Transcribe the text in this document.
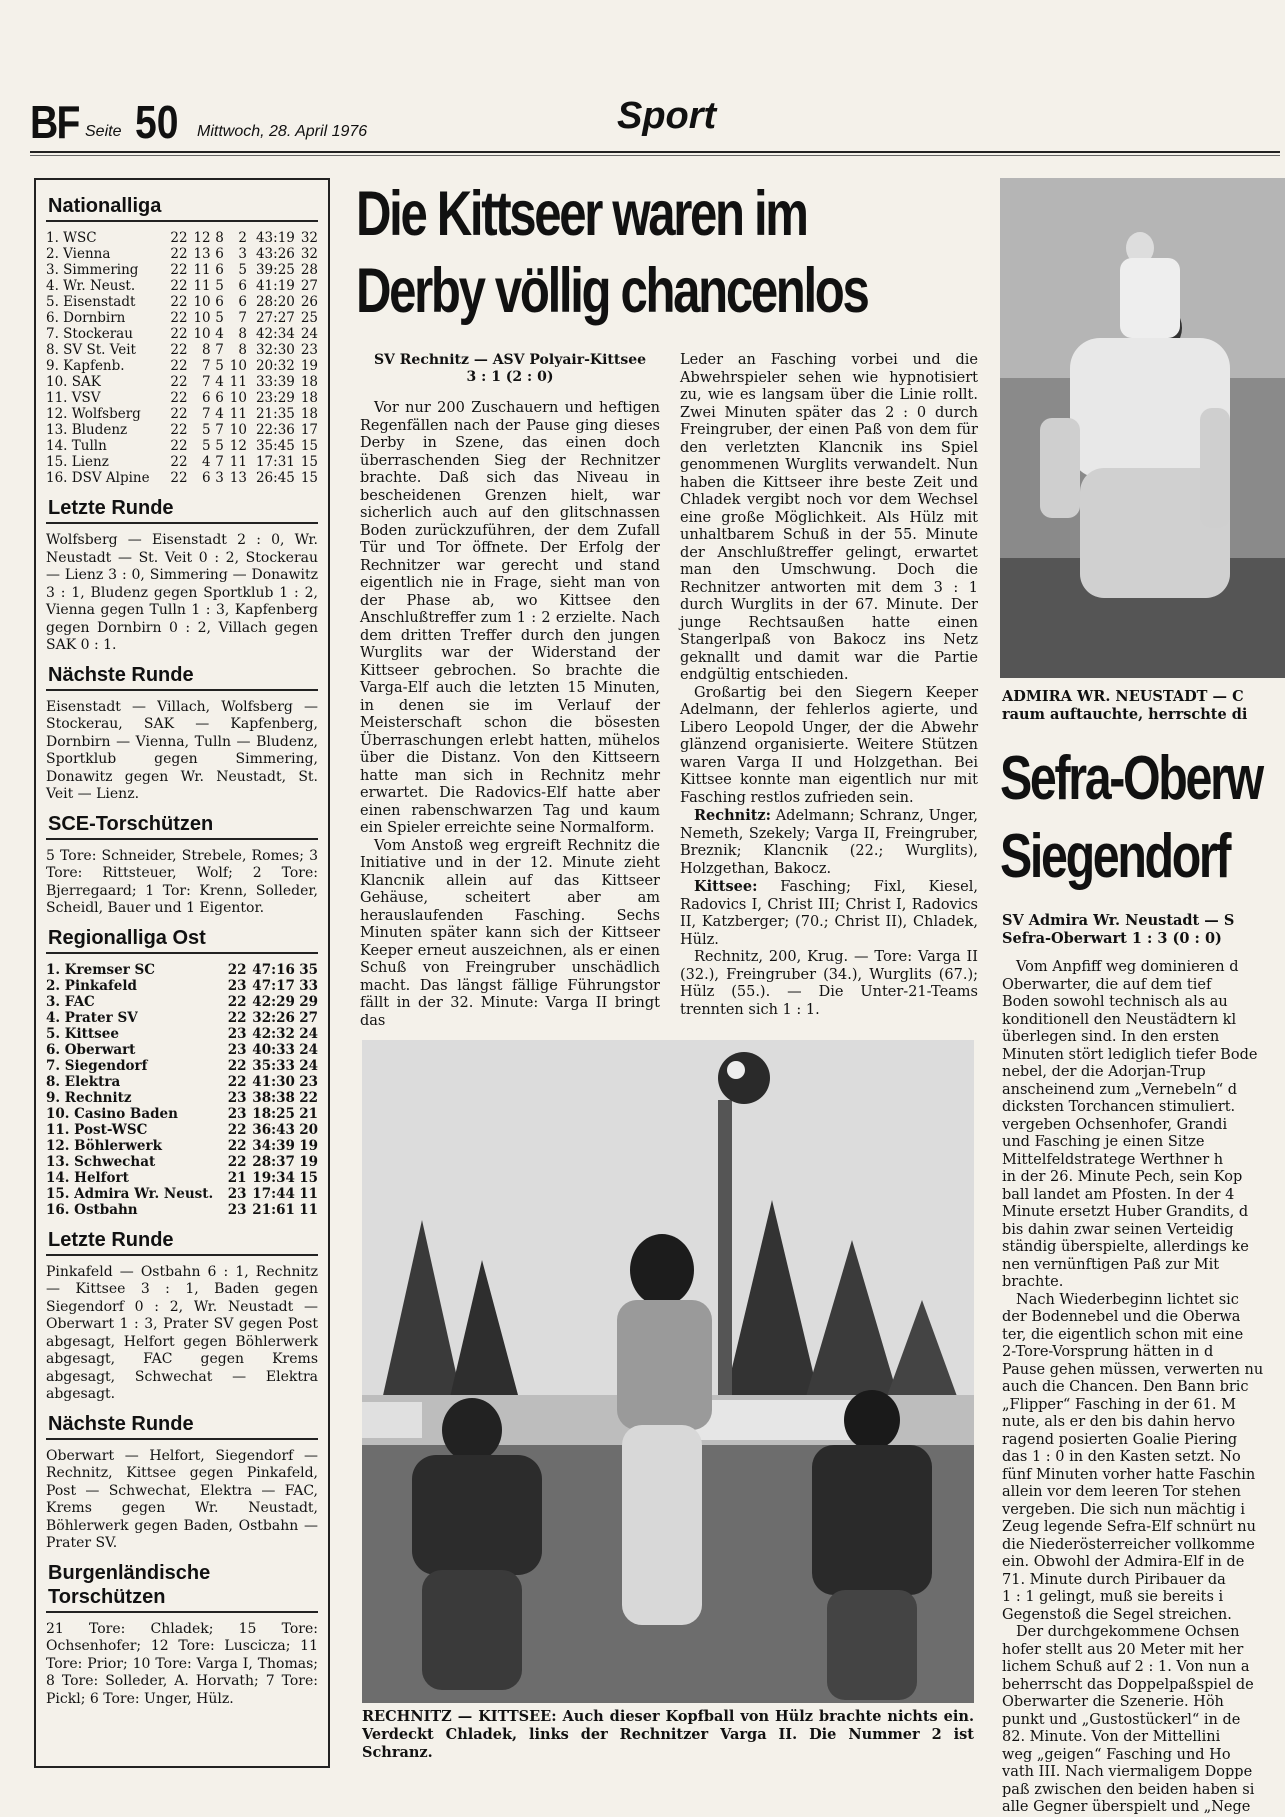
BF Seite 50 Mittwoch, 28. April 1976	Sport
Nationalliga
1. WSC	22	12	8	2	43:19	32
2. Vienna	22	13	6	3	43:26	32
3. Simmering	22	11	6	5	39:25	28
4. Wr. Neust.	22	11	5	6	41:19	27
5. Eisenstadt	22	10	6	6	28:20	26
6. Dornbirn	22	10	5	7	27:27	25
7. Stockerau	22	10	4	8	42:34	24
8. SV St. Veit	22	8	7	8	32:30	23
9. Kapfenb.	22	7	5	10	20:32	19
10. SAK	22	7	4	11	33:39	18
11. VSV	22	6	6	10	23:29	18
12. Wolfsberg	22	7	4	11	21:35	18
13. Bludenz	22	5	7	10	22:36	17
14. Tulln	22	5	5	12	35:45	15
15. Lienz	22	4	7	11	17:31	15
16. DSV Alpine	22	6	3	13	26:45	15
Letzte Runde

Wolfsberg — Eisenstadt 2 : 0, Wr. Neustadt — St. Veit 0 : 2, Stockerau — Lienz 3 : 0, Simmering — Donawitz 3 : 1, Bludenz gegen Sportklub 1 : 2, Vienna gegen Tulln 1 : 3, Kapfenberg gegen Dornbirn 0 : 2, Villach gegen SAK 0 : 1.

Nächste Runde

Eisenstadt — Villach, Wolfsberg — Stockerau, SAK — Kapfenberg, Dornbirn — Vienna, Tulln — Bludenz, Sportklub gegen Simmering, Donawitz gegen Wr. Neustadt, St. Veit — Lienz.

SCE-Torschützen

5 Tore: Schneider, Strebele, Romes; 3 Tore: Rittsteuer, Wolf; 2 Tore: Bjerregaard; 1 Tor: Krenn, Solleder, Scheidl, Bauer und 1 Eigentor.

Regionalliga Ost
1. Kremser SC	22	47:16	35
2. Pinkafeld	23	47:17	33
3. FAC	22	42:29	29
4. Prater SV	22	32:26	27
5. Kittsee	23	42:32	24
6. Oberwart	23	40:33	24
7. Siegendorf	22	35:33	24
8. Elektra	22	41:30	23
9. Rechnitz	23	38:38	22
10. Casino Baden	23	18:25	21
11. Post-WSC	22	36:43	20
12. Böhlerwerk	22	34:39	19
13. Schwechat	22	28:37	19
14. Helfort	21	19:34	15
15. Admira Wr. Neust.	23	17:44	11
16. Ostbahn	23	21:61	11
Letzte Runde

Pinkafeld — Ostbahn 6 : 1, Rechnitz — Kittsee 3 : 1, Baden gegen Siegendorf 0 : 2, Wr. Neustadt — Oberwart 1 : 3, Prater SV gegen Post abgesagt, Helfort gegen Böhlerwerk abgesagt, FAC gegen Krems abgesagt, Schwechat — Elektra abgesagt.

Nächste Runde

Oberwart — Helfort, Siegendorf — Rechnitz, Kittsee gegen Pinkafeld, Post — Schwechat, Elektra — FAC, Krems gegen Wr. Neustadt, Böhlerwerk gegen Baden, Ostbahn — Prater SV.

Burgenländische
Torschützen

21 Tore: Chladek; 15 Tore: Ochsenhofer; 12 Tore: Luscicza; 11 Tore: Prior; 10 Tore: Varga I, Thomas; 8 Tore: Solleder, A. Horvath; 7 Tore: Pickl; 6 Tore: Unger, Hülz.

Die Kittseer waren im
Derby völlig chancenlos
SV Rechnitz — ASV Polyair-Kittsee
3 : 1 (2 : 0)

Vor nur 200 Zuschauern und heftigen Regenfällen nach der Pause ging dieses Derby in Szene, das einen doch überraschenden Sieg der Rechnitzer brachte. Daß sich das Niveau in bescheidenen Grenzen hielt, war sicherlich auch auf den glitschnassen Boden zurückzuführen, der dem Zufall Tür und Tor öffnete. Der Erfolg der Rechnitzer war gerecht und stand eigentlich nie in Frage, sieht man von der Phase ab, wo Kittsee den Anschlußtreffer zum 1 : 2 erzielte. Nach dem dritten Treffer durch den jungen Wurglits war der Widerstand der Kittseer gebrochen. So brachte die Varga-Elf auch die letzten 15 Minuten, in denen sie im Verlauf der Meisterschaft schon die bösesten Überraschungen erlebt hatten, mühelos über die Distanz. Von den Kittseern hatte man sich in Rechnitz mehr erwartet. Die Radovics-Elf hatte aber einen rabenschwarzen Tag und kaum ein Spieler erreichte seine Normalform.

Vom Anstoß weg ergreift Rechnitz die Initiative und in der 12. Minute zieht Klancnik allein auf das Kittseer Gehäuse, scheitert aber am herauslaufenden Fasching. Sechs Minuten später kann sich der Kittseer Keeper erneut auszeichnen, als er einen Schuß von Freingruber unschädlich macht. Das längst fällige Führungstor fällt in der 32. Minute: Varga II bringt das

Leder an Fasching vorbei und die Abwehrspieler sehen wie hypnotisiert zu, wie es langsam über die Linie rollt. Zwei Minuten später das 2 : 0 durch Freingruber, der einen Paß von dem für den verletzten Klancnik ins Spiel genommenen Wurglits verwandelt. Nun haben die Kittseer ihre beste Zeit und Chladek vergibt noch vor dem Wechsel eine große Möglichkeit. Als Hülz mit unhaltbarem Schuß in der 55. Minute der Anschlußtreffer gelingt, erwartet man den Umschwung. Doch die Rechnitzer antworten mit dem 3 : 1 durch Wurglits in der 67. Minute. Der junge Rechtsaußen hatte einen Stangerlpaß von Bakocz ins Netz geknallt und damit war die Partie endgültig entschieden.

Großartig bei den Siegern Keeper Adelmann, der fehlerlos agierte, und Libero Leopold Unger, der die Abwehr glänzend organisierte. Weitere Stützen waren Varga II und Holzgethan. Bei Kittsee konnte man eigentlich nur mit Fasching restlos zufrieden sein.

Rechnitz: Adelmann; Schranz, Unger, Nemeth, Szekely; Varga II, Freingruber, Breznik; Klancnik (22.; Wurglits), Holzgethan, Bakocz.

Kittsee: Fasching; Fixl, Kiesel, Radovics I, Christ III; Christ I, Radovics II, Katzberger; (70.; Christ II), Chladek, Hülz.

Rechnitz, 200, Krug. — Tore: Varga II (32.), Freingruber (34.), Wurglits (67.); Hülz (55.). — Die Unter-21-Teams trennten sich 1 : 1.

RECHNITZ — KITTSEE: Auch dieser Kopfball von Hülz brachte nichts ein. Verdeckt Chladek, links der Rechnitzer Varga II. Die Nummer 2 ist Schranz.
ADMIRA WR. NEUSTADT — C
raum auftauchte, herrschte di
Sefra-Oberw
Siegendorf

SV Admira Wr. Neustadt — S
Sefra-Oberwart 1 : 3 (0 : 0)

Vom Anpfiff weg dominieren d
Oberwarter, die auf dem tief
Boden sowohl technisch als au
konditionell den Neustädtern kl
überlegen sind. In den ersten
Minuten stört lediglich tiefer Bode
nebel, der die Adorjan-Trup
anscheinend zum „Vernebeln“ d
dicksten Torchancen stimuliert.
vergeben Ochsenhofer, Grandi
und Fasching je einen Sitze
Mittelfeldstratege Werthner h
in der 26. Minute Pech, sein Kop
ball landet am Pfosten. In der 4
Minute ersetzt Huber Grandits, d
bis dahin zwar seinen Verteidig
ständig überspielte, allerdings ke
nen vernünftigen Paß zur Mit
brachte.
Nach Wiederbeginn lichtet sic
der Bodennebel und die Oberwa
ter, die eigentlich schon mit eine
2-Tore-Vorsprung hätten in d
Pause gehen müssen, verwerten nu
auch die Chancen. Den Bann bric
„Flipper“ Fasching in der 61. M
nute, als er den bis dahin hervo
ragend posierten Goalie Piering
das 1 : 0 in den Kasten setzt. No
fünf Minuten vorher hatte Faschin
allein vor dem leeren Tor stehen
vergeben. Die sich nun mächtig i
Zeug legende Sefra-Elf schnürt nu
die Niederösterreicher vollkomme
ein. Obwohl der Admira-Elf in de
71. Minute durch Piribauer da
1 : 1 gelingt, muß sie bereits i
Gegenstoß die Segel streichen.
Der durchgekommene Ochsen
hofer stellt aus 20 Meter mit her
lichem Schuß auf 2 : 1. Von nun a
beherrscht das Doppelpaßspiel de
Oberwarter die Szenerie. Höh
punkt und „Gustostückerl“ in de
82. Minute. Von der Mittellini
weg „geigen“ Fasching und Ho
vath III. Nach viermaligem Doppe
paß zwischen den beiden haben si
alle Gegner überspielt und „Nege
